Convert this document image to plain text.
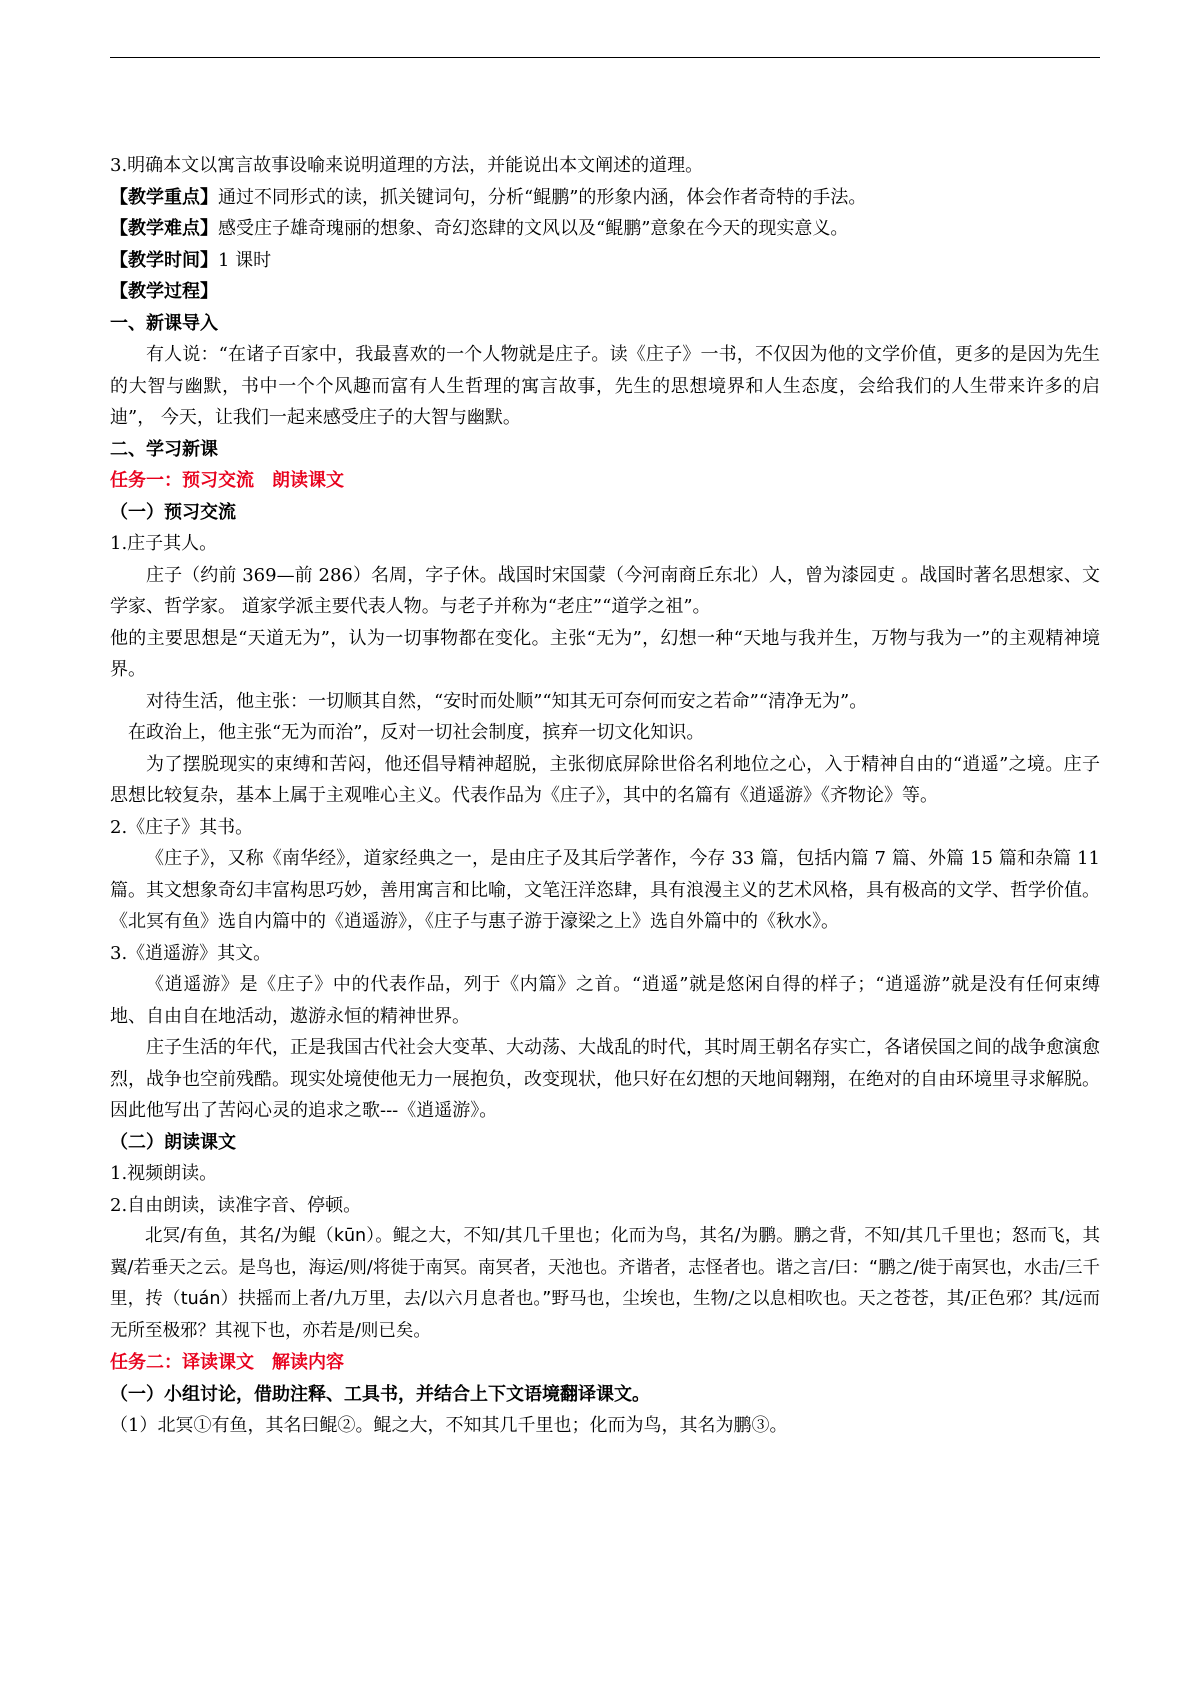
3.明确本文以寓言故事设喻来说明道理的方法，并能说出本文阐述的道理。

【教学重点】通过不同形式的读，抓关键词句，分析“鲲鹏”的形象内涵，体会作者奇特的手法。

【教学难点】感受庄子雄奇瑰丽的想象、奇幻恣肆的文风以及“鲲鹏”意象在今天的现实意义。

【教学时间】1 课时

【教学过程】

一、新课导入

有人说：“在诸子百家中，我最喜欢的一个人物就是庄子。读《庄子》一书，不仅因为他的文学价值，更多的是因为先生的大智与幽默，书中一个个风趣而富有人生哲理的寓言故事，先生的思想境界和人生态度，会给我们的人生带来许多的启迪”， 今天，让我们一起来感受庄子的大智与幽默。

二、学习新课

任务一：预习交流　朗读课文

（一）预习交流

1.庄子其人。

庄子（约前 369—前 286）名周，字子休。战国时宋国蒙（今河南商丘东北）人，曾为漆园吏 。战国时著名思想家、文学家、哲学家。 道家学派主要代表人物。与老子并称为“老庄”“道学之祖”。

他的主要思想是“天道无为”，认为一切事物都在变化。主张“无为”，幻想一种“天地与我并生，万物与我为一”的主观精神境界。

对待生活，他主张：一切顺其自然，“安时而处顺”“知其无可奈何而安之若命”“清净无为”。

在政治上，他主张“无为而治”，反对一切社会制度，摈弃一切文化知识。

为了摆脱现实的束缚和苦闷，他还倡导精神超脱，主张彻底屏除世俗名利地位之心，入于精神自由的“逍遥”之境。庄子思想比较复杂，基本上属于主观唯心主义。代表作品为《庄子》，其中的名篇有《逍遥游》《齐物论》等。

2.《庄子》其书。

《庄子》，又称《南华经》，道家经典之一，是由庄子及其后学著作，今存 33 篇，包括内篇 7 篇、外篇 15 篇和杂篇 11 篇。其文想象奇幻丰富构思巧妙，善用寓言和比喻，文笔汪洋恣肆，具有浪漫主义的艺术风格，具有极高的文学、哲学价值。《北冥有鱼》选自内篇中的《逍遥游》，《庄子与惠子游于濠梁之上》选自外篇中的《秋水》。

3.《逍遥游》其文。

《逍遥游》是《庄子》中的代表作品，列于《内篇》之首。“逍遥”就是悠闲自得的样子；“逍遥游”就是没有任何束缚地、自由自在地活动，遨游永恒的精神世界。

庄子生活的年代，正是我国古代社会大变革、大动荡、大战乱的时代，其时周王朝名存实亡，各诸侯国之间的战争愈演愈烈，战争也空前残酷。现实处境使他无力一展抱负，改变现状，他只好在幻想的天地间翱翔，在绝对的自由环境里寻求解脱。因此他写出了苦闷心灵的追求之歌---《逍遥游》。

（二）朗读课文

1.视频朗读。

2.自由朗读，读准字音、停顿。

北冥/有鱼，其名/为鲲（kūn）。鲲之大，不知/其几千里也；化而为鸟，其名/为鹏。鹏之背，不知/其几千里也；怒而飞，其翼/若垂天之云。是鸟也，海运/则/将徙于南冥。南冥者，天池也。齐谐者，志怪者也。谐之言/曰：“鹏之/徙于南冥也，水击/三千里，抟（tuán）扶摇而上者/九万里，去/以六月息者也。”野马也，尘埃也，生物/之以息相吹也。天之苍苍，其/正色邪？其/远而无所至极邪？其视下也，亦若是/则已矣。

任务二：译读课文　解读内容

（一）小组讨论，借助注释、工具书，并结合上下文语境翻译课文。

（1）北冥①有鱼，其名曰鲲②。鲲之大，不知其几千里也；化而为鸟，其名为鹏③。
